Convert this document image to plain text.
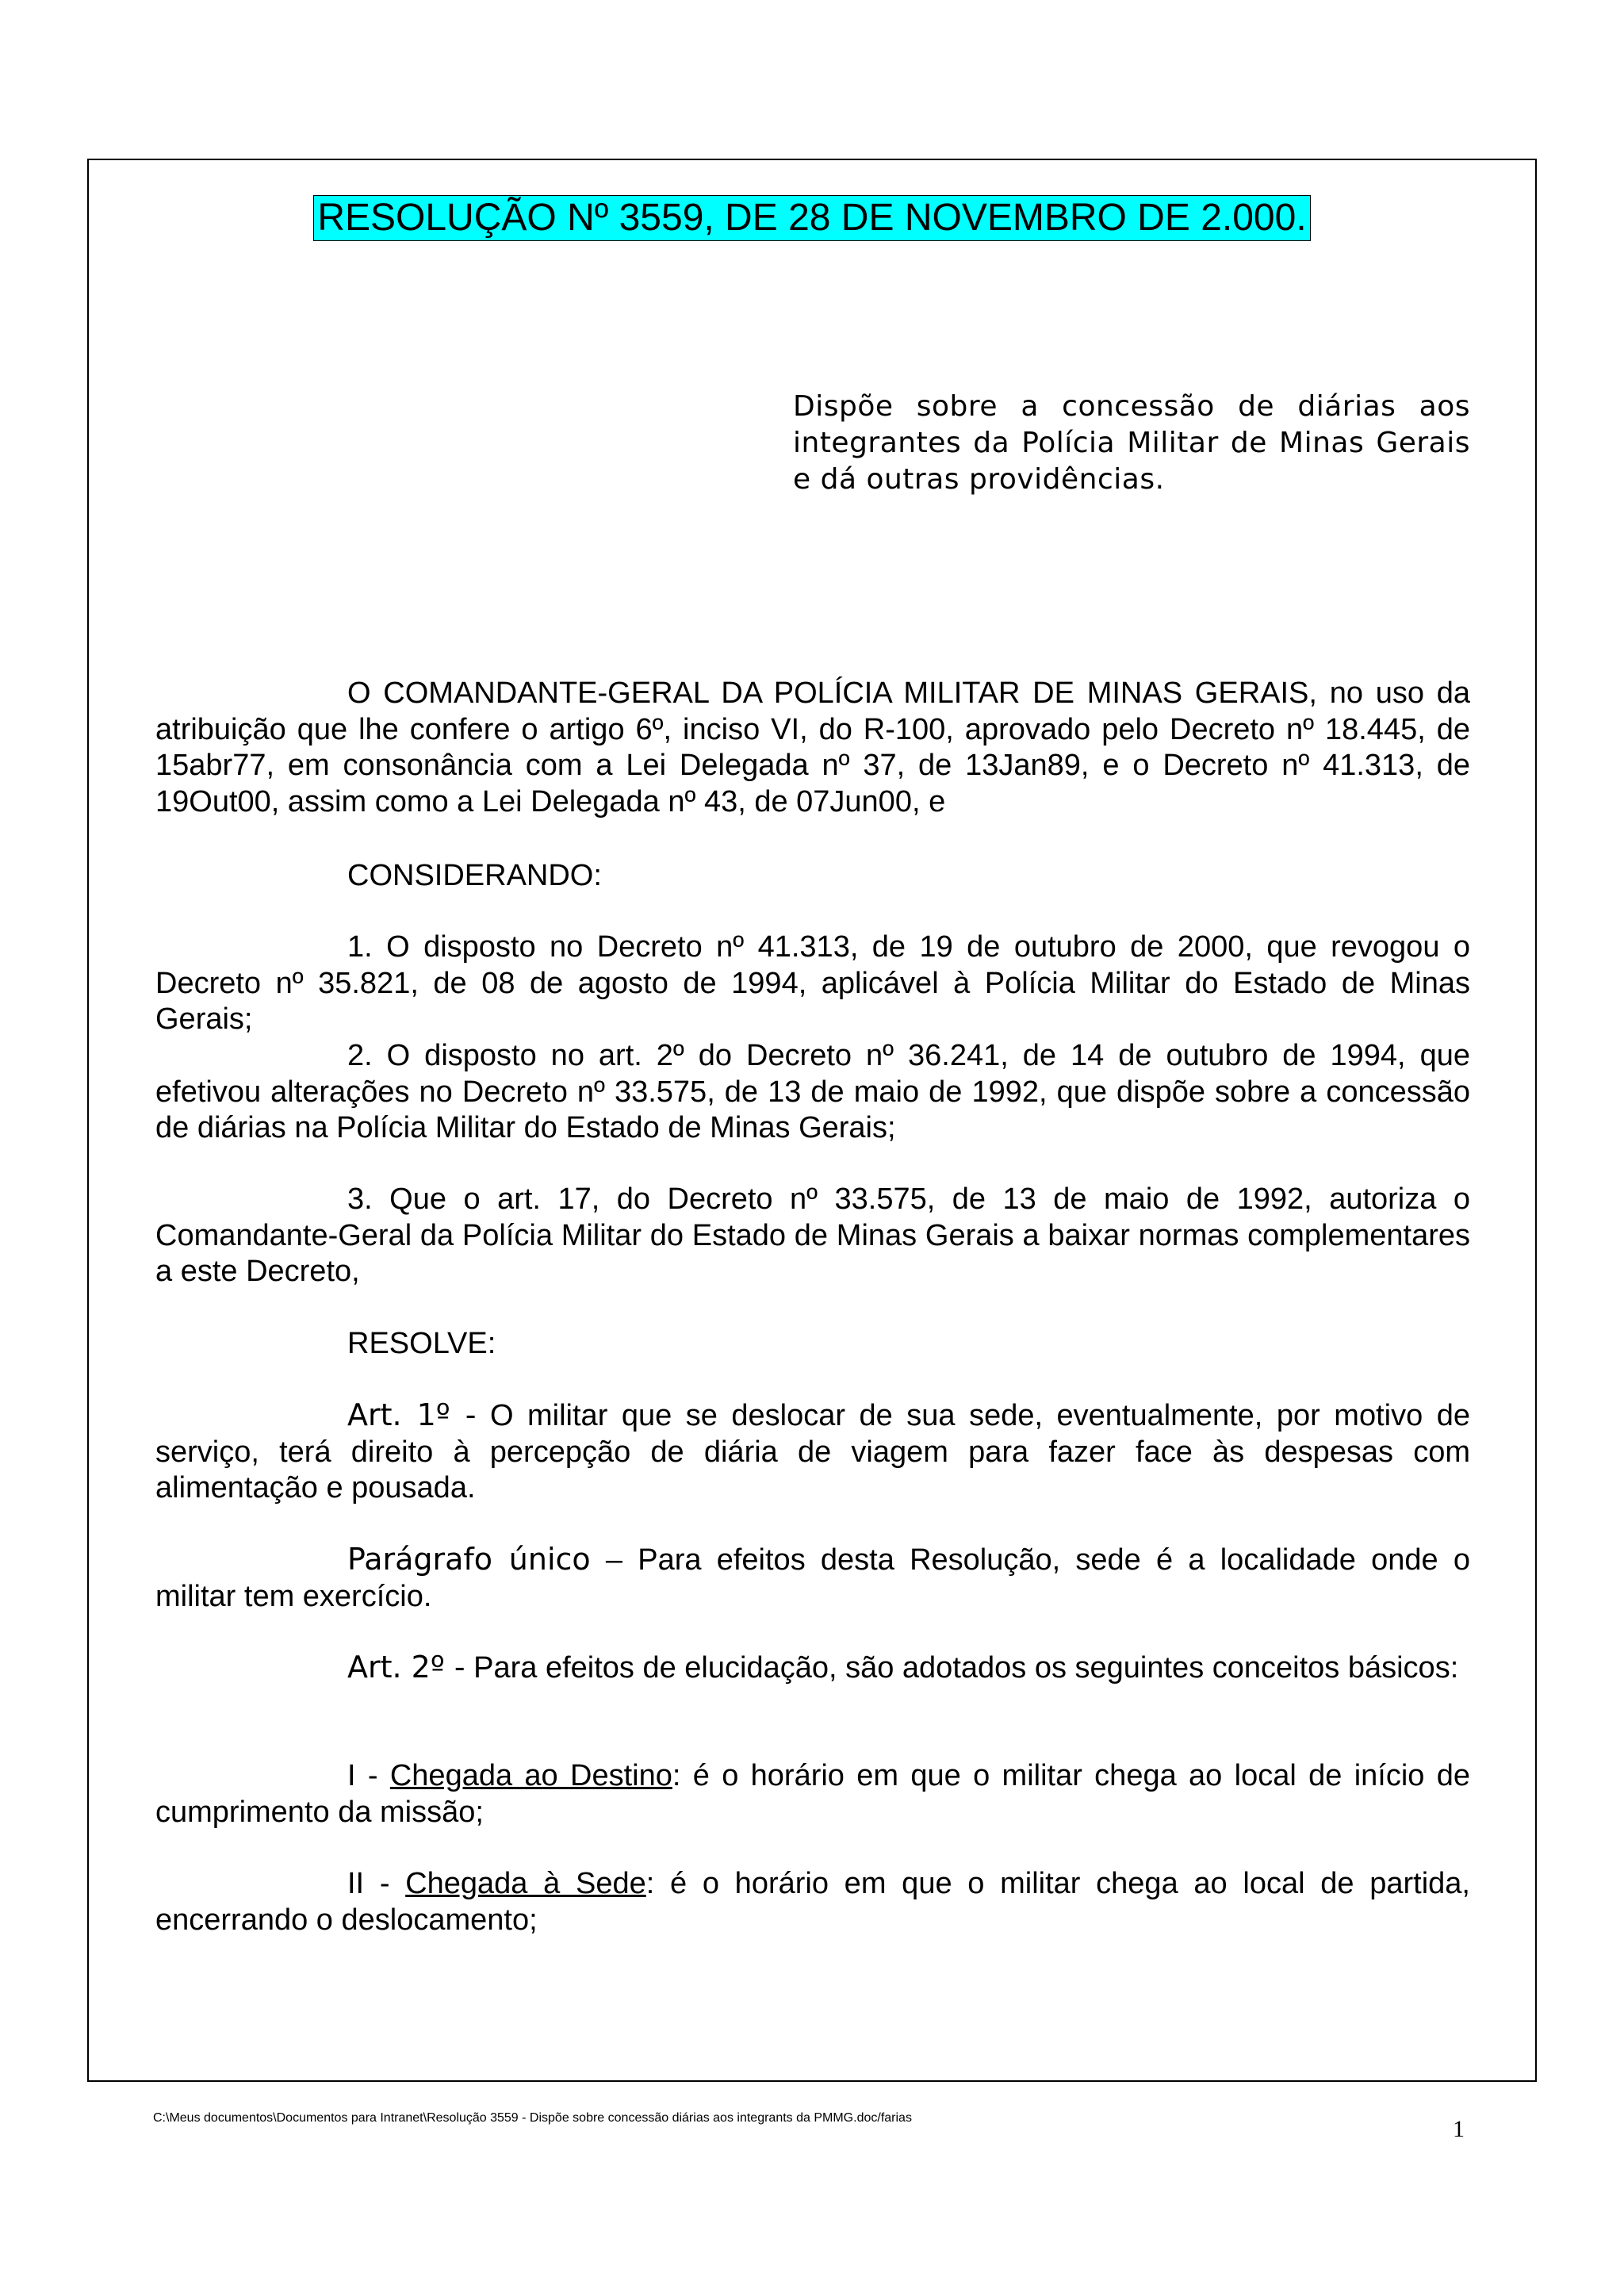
RESOLUÇÃO Nº 3559, DE 28 DE NOVEMBRO DE 2.000.
Dispõe sobre a concessão de diárias aos
integrantes da Polícia Militar de Minas Gerais
e dá outras providências.

O COMANDANTE-GERAL DA POLÍCIA MILITAR DE MINAS GERAIS, no uso da atribuição que lhe confere o artigo 6º, inciso VI, do R-100, aprovado pelo Decreto nº 18.445, de 15abr77, em consonância com a Lei Delegada nº 37, de 13Jan89, e o Decreto nº 41.313, de 19Out00, assim como a Lei Delegada nº 43, de 07Jun00, e

CONSIDERANDO:

1. O disposto no Decreto nº 41.313, de 19 de outubro de 2000, que revogou o Decreto nº 35.821, de 08 de agosto de 1994, aplicável à Polícia Militar do Estado de Minas Gerais;

2. O disposto no art. 2º do Decreto nº 36.241, de 14 de outubro de 1994, que efetivou alterações no Decreto nº 33.575, de 13 de maio de 1992, que dispõe sobre a concessão de diárias na Polícia Militar do Estado de Minas Gerais;

3. Que o art. 17, do Decreto nº 33.575, de 13 de maio de 1992, autoriza o Comandante-Geral da Polícia Militar do Estado de Minas Gerais a baixar normas complementares a este Decreto,

RESOLVE:

Art. 1º - O militar que se deslocar de sua sede, eventualmente, por motivo de serviço, terá direito à percepção de diária de viagem para fazer face às despesas com alimentação e pousada.

Parágrafo único – Para efeitos desta Resolução, sede é a localidade onde o militar tem exercício.

Art. 2º - Para efeitos de elucidação, são adotados os seguintes conceitos básicos:

I - Chegada ao Destino: é o horário em que o militar chega ao local de início de cumprimento da missão;

II - Chegada à Sede: é o horário em que o militar chega ao local de partida, encerrando o deslocamento;

C:\Meus documentos\Documentos para Intranet\Resolução 3559 - Dispõe sobre concessão diárias aos integrants da PMMG.doc/farias	1
